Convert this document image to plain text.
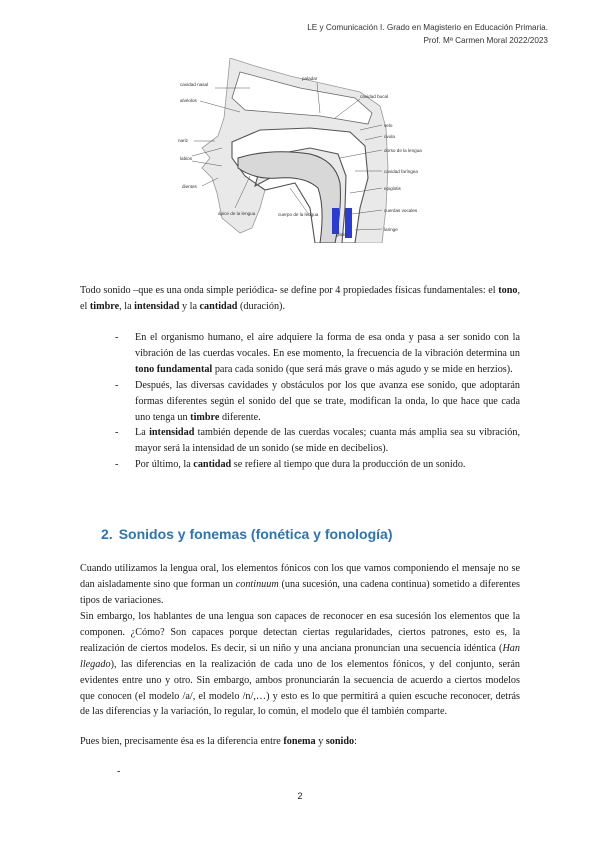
LE y Comunicación I. Grado en Magisterio en Educación Primaria.
Prof. Mª Carmen Moral 2022/2023
cavidad nasal
alvéolos
nariz
labios
dientes
ápice de la lengua
paladar
cavidad bucal
velo
úvula
dorso de la lengua
cavidad faríngea
epiglotis
cuerdas vocales
laringe
glotis
cuerpo de la lengua

Todo sonido –que es una onda simple periódica- se define por 4 propiedades físicas fundamentales: el tono, el timbre, la intensidad y la cantidad (duración).

- En el organismo humano, el aire adquiere la forma de esa onda y pasa a ser sonido con la vibración de las cuerdas vocales. En ese momento, la frecuencia de la vibración determina un tono fundamental para cada sonido (que será más grave o más agudo y se mide en herzios).
- Después, las diversas cavidades y obstáculos por los que avanza ese sonido, que adoptarán formas diferentes según el sonido del que se trate, modifican la onda, lo que hace que cada uno tenga un timbre diferente.
- La intensidad también depende de las cuerdas vocales; cuanta más amplia sea su vibración, mayor será la intensidad de un sonido (se mide en decibelios).
- Por último, la cantidad se refiere al tiempo que dura la producción de un sonido.
2. Sonidos y fonemas (fonética y fonología)

Cuando utilizamos la lengua oral, los elementos fónicos con los que vamos componiendo el mensaje no se dan aisladamente sino que forman un continuum (una sucesión, una cadena continua) sometido a diferentes tipos de variaciones.

Sin embargo, los hablantes de una lengua son capaces de reconocer en esa sucesión los elementos que la componen. ¿Cómo? Son capaces porque detectan ciertas regularidades, ciertos patrones, esto es, la realización de ciertos modelos. Es decir, si un niño y una anciana pronuncian una secuencia idéntica (Han llegado), las diferencias en la realización de cada uno de los elementos fónicos, y del conjunto, serán evidentes entre uno y otro. Sin embargo, ambos pronunciarán la secuencia de acuerdo a ciertos modelos que conocen (el modelo /a/, el modelo /n/,…) y esto es lo que permitirá a quien escuche reconocer, detrás de las diferencias y la variación, lo regular, lo común, el modelo que él también comparte.

Pues bien, precisamente ésa es la diferencia entre fonema y sonido:

-
2
